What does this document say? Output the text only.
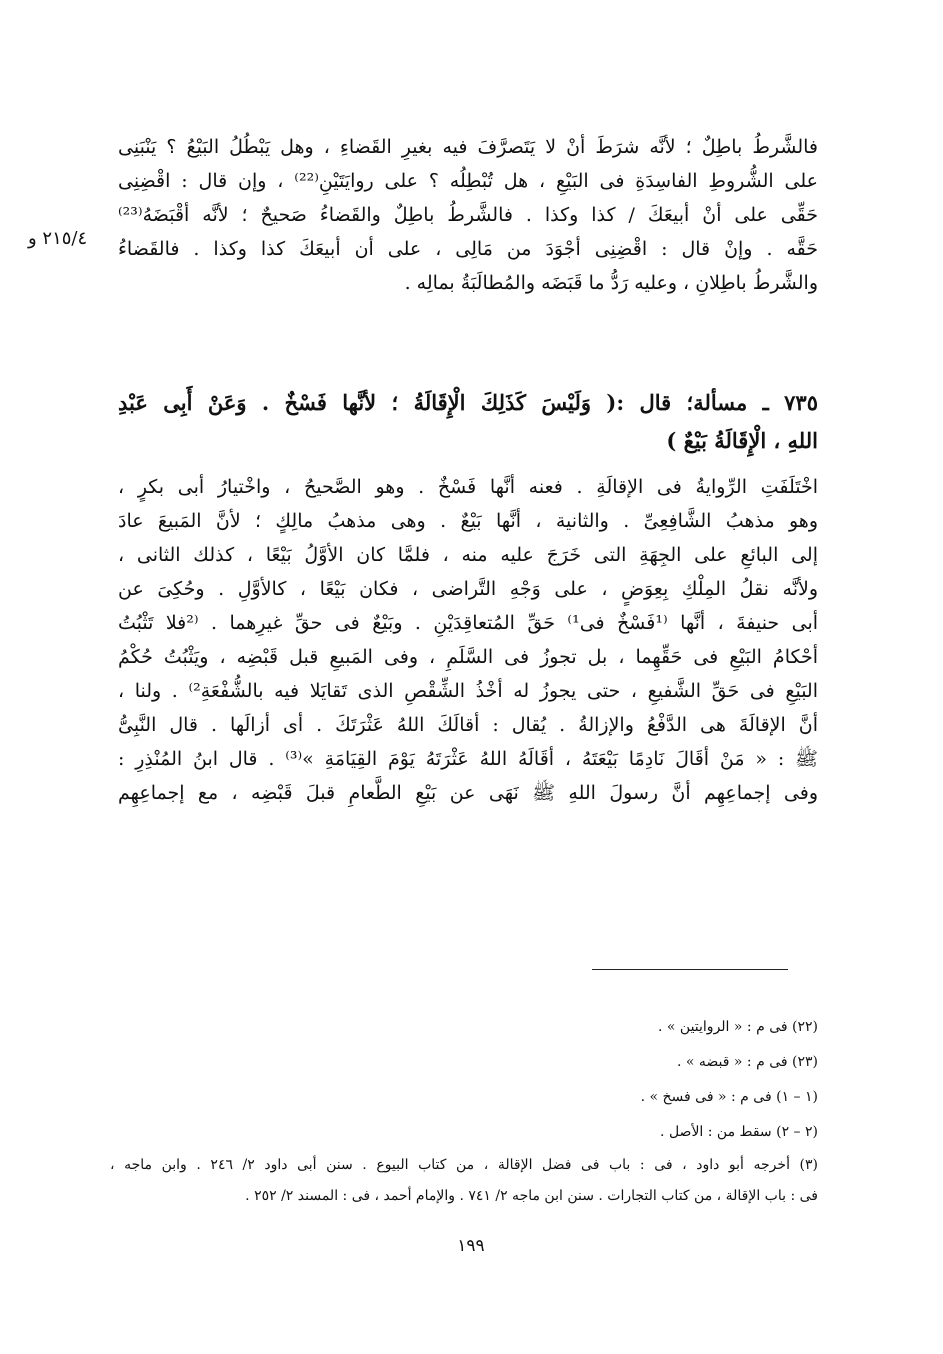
٢١٥/٤ و
فالشَّرطُ باطِلٌ ؛ لأنَّه شرَطَ أنْ لا يَتَصرَّفَ فيه بغيرِ القَضاءِ ، وهل يَبْطُلُ البَيْعُ ؟ يَنْبَنِى
على الشُّروطِ الفاسِدَةِ فى البَيْعِ ، هل تُبْطِلُه ؟ على روايَتَيْنِ⁽²²⁾ ، وإن قال : اقْضِنِى
حَقِّى على أنْ أبيعَكَ / كذا وكذا . فالشَّرطُ باطِلٌ والقَضاءُ صَحيحٌ ؛ لأنَّه أقْبَضَهُ⁽²³⁾
حَقَّه . وإنْ قال : اقْضِنِى أجْوَدَ من مَالِى ، على أن أبيعَكَ كذا وكذا . فالقَضاءُ
والشَّرطُ باطِلانِ ، وعليه رَدُّ ما قَبَضَه والمُطالَبَةُ بمالِه .
٧٣٥ ـ مسألة؛ قال :( وَلَيْسَ كَذَلِكَ الْإِقَالَةُ ؛ لأنَّها فَسْخٌ . وَعَنْ أَبِى عَبْدِ
اللهِ ، الْإِقَالَةُ بَيْعٌ )
اخْتَلَفَتِ الرِّوايةُ فى الإقالَةِ . فعنه أنَّها فَسْخٌ . وهو الصَّحيحُ ، واخْتيارُ أبى بكرٍ ،
وهو مذهبُ الشَّافِعِىِّ . والثانية ، أنَّها بَيْعٌ . وهى مذهبُ مالِكٍ ؛ لأنَّ المَبيعَ عادَ
إلى البائعِ على الجِهَةِ التى خَرَجَ عليه منه ، فلمَّا كان الأوَّلُ بَيْعًا ، كذلك الثانى ،
ولأنَّه نقلُ المِلْكِ بِعِوَضٍ ، على وَجْهِ التَّراضى ، فكان بَيْعًا ، كالأوَّلِ . وحُكِىَ عن
أبى حنيفةَ ، أنَّها ⁽¹فَسْخٌ فى¹⁾ حَقِّ المُتعاقِدَيْنِ . وبَيْعٌ فى حقِّ غيرِهما . ⁽²فلا تَثْبُتُ
أحْكامُ البَيْعِ فى حَقِّهِما ، بل تجوزُ فى السَّلَمِ ، وفى المَبيعِ قبل قَبْضِه ، ويَثْبُتُ حُكْمُ
البَيْعِ فى حَقِّ الشَّفيعِ ، حتى يجوزُ له أخْذُ الشِّقْصِ الذى تَقايَلا فيه بالشُّفْعَةِ²⁾ . ولنا ،
أنَّ الإقالَةَ هى الدَّفْعُ والإزالةُ . يُقال : أقالَكَ اللهُ عَثْرَتَكَ . أى أزالَها . قال النَّبِىُّ
ﷺ : « مَنْ أقَالَ نَادِمًا بَيْعَتَهُ ، أقَالَهُ اللهُ عَثْرَتَهُ يَوْمَ القِيَامَةِ »⁽³⁾ . قال ابنُ المُنْذِرِ :
وفى إجماعِهِم أنَّ رسولَ اللهِ ﷺ نَهَى عن بَيْعِ الطَّعامِ قبلَ قَبْضِه ، مع إجماعِهِم
(٢٢) فى م : « الروايتين » .
(٢٣) فى م : « قبضه » .
(١ – ١) فى م : « فى فسخ » .
(٢ – ٢) سقط من : الأصل .
(٣) أخرجه أبو داود ، فى : باب فى فضل الإقالة ، من كتاب البيوع . سنن أبى داود ٢/ ٢٤٦ . وابن ماجه ،
فى : باب الإقالة ، من كتاب التجارات . سنن ابن ماجه ٢/ ٧٤١ . والإمام أحمد ، فى : المسند ٢/ ٢٥٢ .
١٩٩
